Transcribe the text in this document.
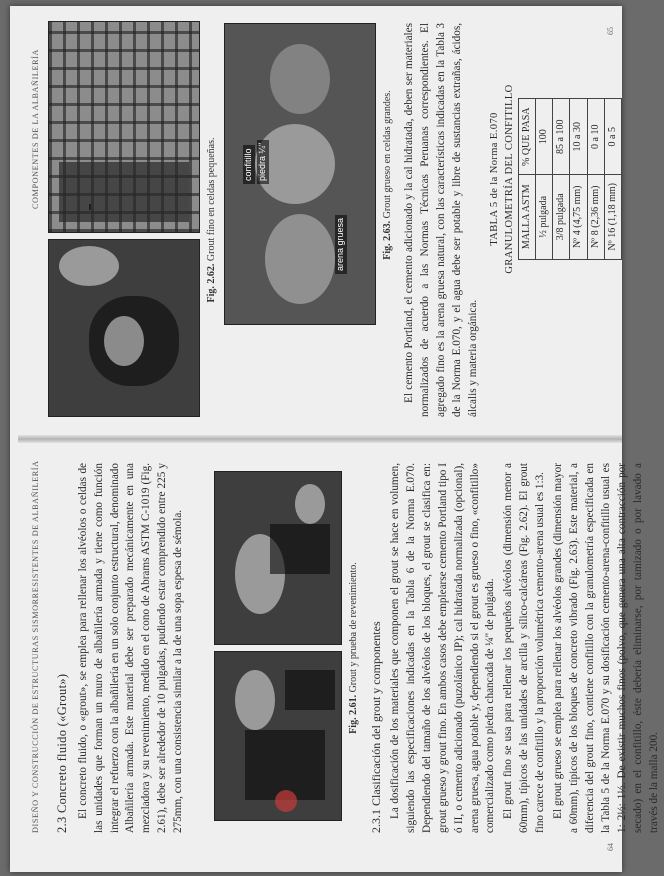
DISEÑO Y CONSTRUCCIÓN DE ESTRUCTURAS SISMORRESISTENTES DE ALBAÑILERÍA 2.3 Concreto fluido («Grout») El concreto fluido, o «grout», se emplea para rellenar los alvéolos o celdas de las unidades que forman un muro de albañilería armada y tiene como función integrar el refuerzo con la albañilería en un solo conjunto estructural, denominado Albañilería armada. Este material debe ser preparado mecánicamente en una mezcladora y su revenimiento, medido en el cono de Abrams ASTM C-1019 (Fig. 2.61), debe ser alrededor de 10 pulgadas, pudiendo estar comprendido entre 225 y 275mm, con una consistencia similar a la de una sopa espesa de sémola.	Fig. 2.61. Grout y prueba de revenimiento. 2.3.1 Clasificación del grout y componentes La dosificación de los materiales que componen el grout se hace en volumen, siguiendo las especificaciones indicadas en la Tabla 6 de la Norma E.070. Dependiendo del tamaño de los alvéolos de los bloques, el grout se clasifica en: grout grueso y grout fino. En ambos casos debe emplearse cemento Portland tipo I ó II, o cemento adicionado (puzolánico IP); cal hidratada normalizada (opcional), arena gruesa, agua potable y, dependiendo si el grout es grueso o fino, «confitillo» comercializado como piedra chancada de ¼" de pulgada. El grout fino se usa para rellenar los pequeños alvéolos (dimensión menor a 60mm), típicos de las unidades de arcilla y sílico-calcáreas (Fig. 2.62). El grout fino carece de confitillo y la proporción volumétrica cemento-arena usual es 1:3. El grout grueso se emplea para rellenar los alvéolos grandes (dimensión mayor a 60mm), típicos de los bloques de concreto vibrado (Fig. 2.63). Este material, a diferencia del grout fino, contiene confitillo con la granulometría especificada en la Tabla 5 de la Norma E.070 y su dosificación cemento-arena-confitillo usual es 1: 2½: 1½. De existir muchos finos (polvo, que genera una alta contracción por secado) en el confitillo, éste debería eliminarse, por tamizado o por lavado a través de la malla 200.

64
COMPONENTES DE LA ALBAÑILERÍA
Fig. 2.62. Grout fino en celdas pequeñas.	arena gruesa
confitillo piedra ¼"
Fig. 2.63. Grout grueso en celdas grandes. El cemento Portland, el cemento adicionado y la cal hidratada, deben ser materiales normalizados de acuerdo a las Normas Técnicas Peruanas correspondientes. El agregado fino es la arena gruesa natural, con las características indicadas en la Tabla 3 de la Norma E.070, y el agua debe ser potable y libre de sustancias extrañas, ácidos, álcalis y materia orgánica.

TABLA 5 de la Norma E.070 GRANULOMETRÍA DEL CONFITILLO MALLA ASTM	% QUE PASA
½ pulgada	100
3/8 pulgada	85 a 100
Nº 4 (4,75 mm)	10 a 30
Nº 8 (2,36 mm)	0 a 10
Nº 16 (1,18 mm)	0 a 5
65
